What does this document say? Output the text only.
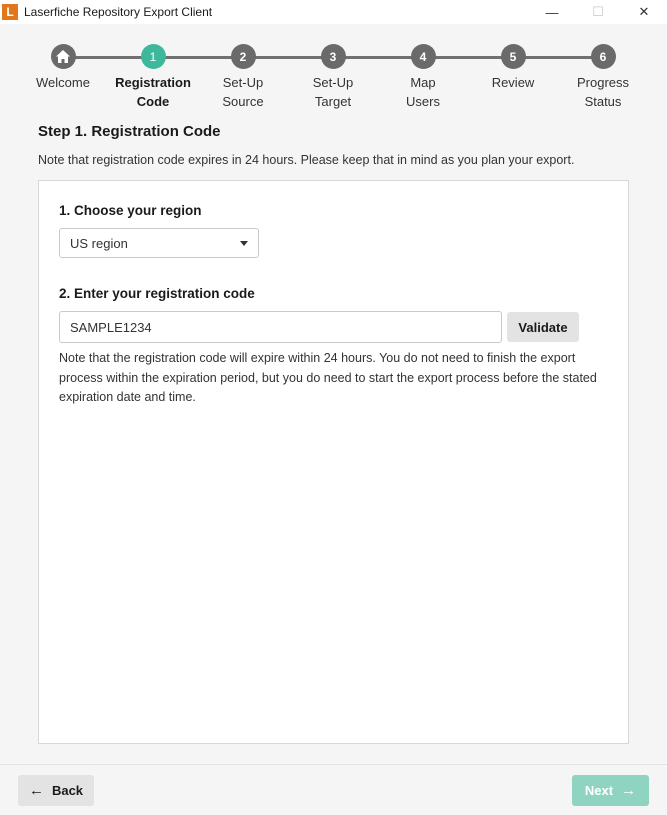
L Laserfiche Repository Export Client	—	☐	✕
Welcome
1
Registration
Code
2
Set-Up
Source
3
Set-Up
Target
4
Map
Users
5
Review
6
Progress
Status
Step 1. Registration Code
Note that registration code expires in 24 hours. Please keep that in mind as you plan your export.
1. Choose your region
US region
2. Enter your registration code
SAMPLE1234
Validate
Note that the registration code will expire within 24 hours. You do not need to finish the export process within the expiration period, but you do need to start the export process before the stated expiration date and time.
← Back	Next →
